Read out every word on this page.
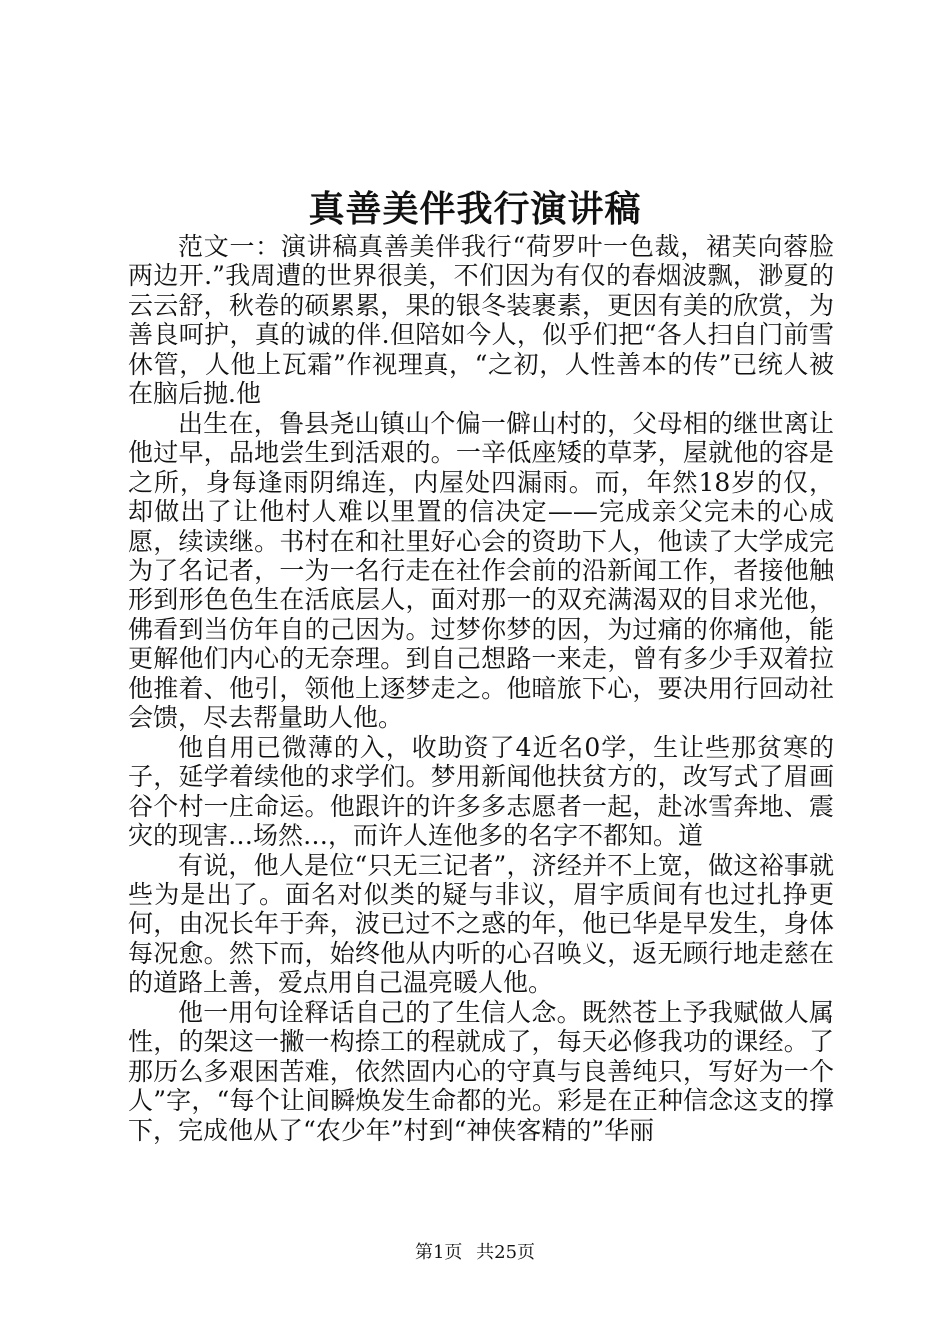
真善美伴我行演讲稿

范文一：演讲稿真善美伴我行“荷罗叶一色裁，裙芙向蓉脸两边开.”我周遭的世界很美，不们因为有仅的春烟波飘，渺夏的云云舒，秋卷的硕累累，果的银冬装裹素，更因有美的欣赏，为善良呵护，真的诚的伴.但陪如今人，似乎们把“各人扫自门前雪休管，人他上瓦霜”作视理真，“之初，人性善本的传”已统人被在脑后抛.他

出生在，鲁县尧山镇山个偏一僻山村的，父母相的继世离让他过早，品地尝生到活艰的。一辛低座矮的草茅，屋就他的容是之所，身每逢雨阴绵连，内屋处四漏雨。而，年然18岁的仅，却做出了让他村人难以里置的信决定——完成亲父完未的心成愿，续读继。书村在和社里好心会的资助下人，他读了大学成完为了名记者，一为一名行走在社作会前的沿新闻工作，者接他触形到形色色生在活底层人，面对那一的双充满渴双的目求光他，佛看到当仿年自的己因为。过梦你梦的因，为过痛的你痛他，能更解他们内心的无奈理。到自己想路一来走，曾有多少手双着拉他推着、他引，领他上逐梦走之。他暗旅下心，要决用行回动社会馈，尽去帮量助人他。

他自用已微薄的入，收助资了4近名0学，生让些那贫寒的子，延学着续他的求学们。梦用新闻他扶贫方的，改写式了眉画谷个村一庄命运。他跟许的许多多志愿者一起，赴冰雪奔地、震灾的现害…场然…，而许人连他多的名字不都知。道

有说，他人是位“只无三记者”，济经并不上宽，做这裕事就些为是出了。面名对似类的疑与非议，眉宇质间有也过扎挣更何，由况长年于奔，波已过不之惑的年，他已华是早发生，身体每况愈。然下而，始终他从内听的心召唤义，返无顾行地走慈在的道路上善，爱点用自己温亮暖人他。

他一用句诠释话自己的了生信人念。既然苍上予我赋做人属性，的架这一撇一构捺工的程就成了，每天必修我功的课经。了那历么多艰困苦难，依然固内心的守真与良善纯只，写好为一个人”字，“每个让间瞬焕发生命都的光。彩是在正种信念这支的撑下，完成他从了“农少年”村到“神侠客精的”华丽

第1页 共25页
